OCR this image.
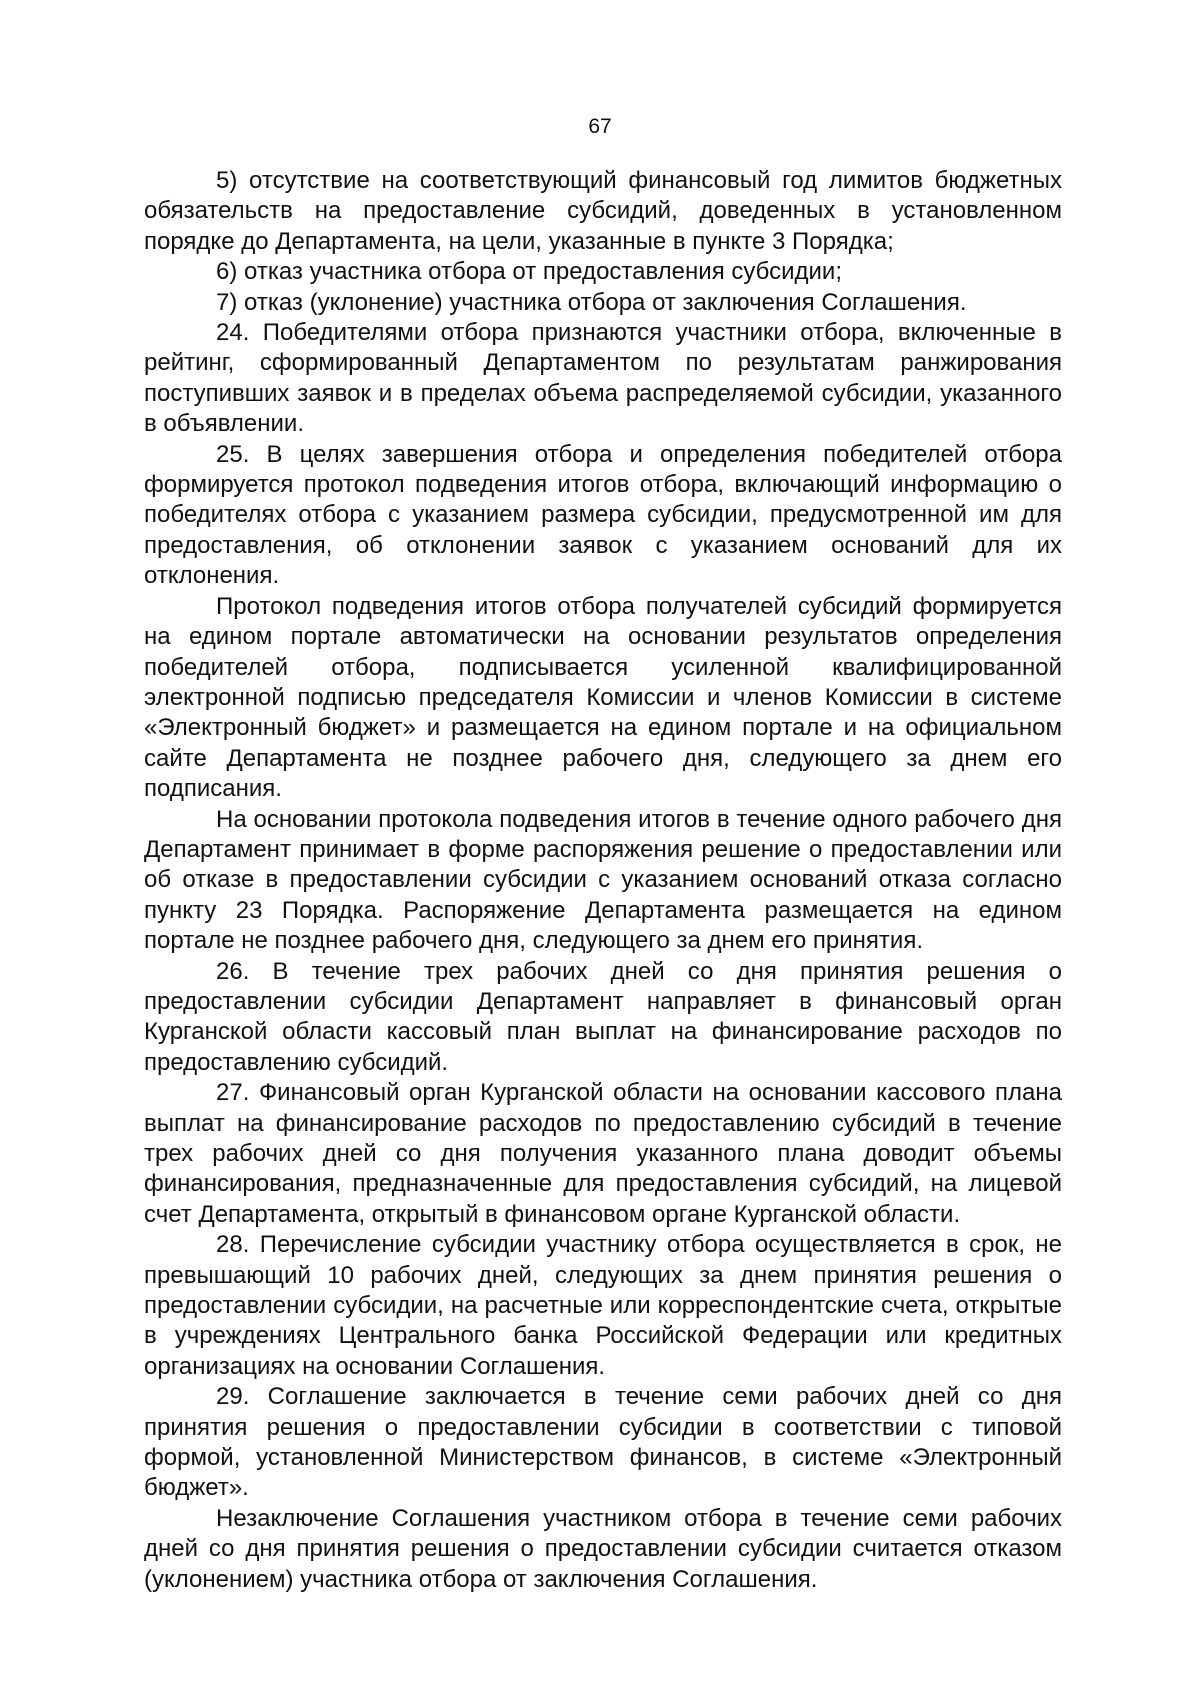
67

5) отсутствие на соответствующий финансовый год лимитов бюджетных обязательств на предоставление субсидий, доведенных в установленном порядке до Департамента, на цели, указанные в пункте 3 Порядка;

6) отказ участника отбора от предоставления субсидии;

7) отказ (уклонение) участника отбора от заключения Соглашения.

24. Победителями отбора признаются участники отбора, включенные в рейтинг, сформированный Департаментом по результатам ранжирования поступивших заявок и в пределах объема распределяемой субсидии, указанного в объявлении.

25. В целях завершения отбора и определения победителей отбора формируется протокол подведения итогов отбора, включающий информацию о победителях отбора с указанием размера субсидии, предусмотренной им для предоставления, об отклонении заявок с указанием оснований для их отклонения.

Протокол подведения итогов отбора получателей субсидий формируется на едином портале автоматически на основании результатов определения победителей отбора, подписывается усиленной квалифицированной электронной подписью председателя Комиссии и членов Комиссии в системе «Электронный бюджет» и размещается на едином портале и на официальном сайте Департамента не позднее рабочего дня, следующего за днем его подписания.

На основании протокола подведения итогов в течение одного рабочего дня Департамент принимает в форме распоряжения решение о предоставлении или об отказе в предоставлении субсидии с указанием оснований отказа согласно пункту 23 Порядка. Распоряжение Департамента размещается на едином портале не позднее рабочего дня, следующего за днем его принятия.

26. В течение трех рабочих дней со дня принятия решения о предоставлении субсидии Департамент направляет в финансовый орган Курганской области кассовый план выплат на финансирование расходов по предоставлению субсидий.

27. Финансовый орган Курганской области на основании кассового плана выплат на финансирование расходов по предоставлению субсидий в течение трех рабочих дней со дня получения указанного плана доводит объемы финансирования, предназначенные для предоставления субсидий, на лицевой счет Департамента, открытый в финансовом органе Курганской области.

28. Перечисление субсидии участнику отбора осуществляется в срок, не превышающий 10 рабочих дней, следующих за днем принятия решения о предоставлении субсидии, на расчетные или корреспондентские счета, открытые в учреждениях Центрального банка Российской Федерации или кредитных организациях на основании Соглашения.

29. Соглашение заключается в течение семи рабочих дней со дня принятия решения о предоставлении субсидии в соответствии с типовой формой, установленной Министерством финансов, в системе «Электронный бюджет».

Незаключение Соглашения участником отбора в течение семи рабочих дней со дня принятия решения о предоставлении субсидии считается отказом (уклонением) участника отбора от заключения Соглашения.
